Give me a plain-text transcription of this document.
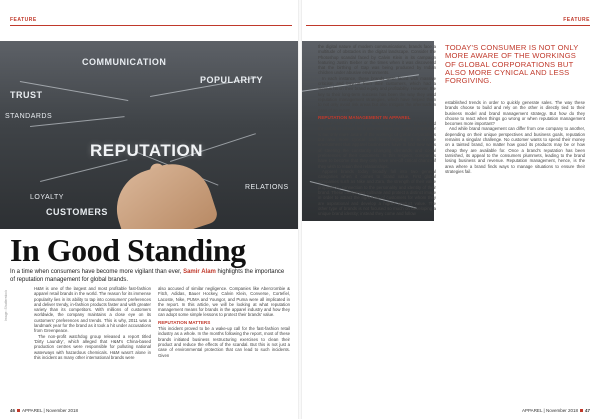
FEATURE
COMMUNICATION
POPULARITY
TRUST
STANDARDS
REPUTATION
RELATIONS
LOYALTY
CUSTOMERS
In Good Standing
In a time when consumers have become more vigilant than ever, Samir Alam highlights the importance of reputation management for global brands.
Image: Shutterstock

H&M is one of the largest and most profitable fast-fashion apparel retail brands in the world. The reason for its immense popularity lies in its ability to tap into consumers' preferences and deliver trendy, in-fashion products faster and with greater variety than its competitors. With millions of customers worldwide, the company maintains a close eye on its customers' preferences and trends. This is why, 2011 was a landmark year for the brand as it took a hit under accusations from Greenpeace.

The non-profit watchdog group released a report titled 'Dirty Laundry', which alleged that H&M's China-based production centres were responsible for polluting national waterways with hazardous chemicals. H&M wasn't alone in this incident as many other international brands were

also accused of similar negligence. Companies like Abercrombie & Fitch, Adidas, Bauer Hockey, Calvin Klein, Converse, Cortefiel, Lacoste, Nike, PUMA and Youngor, and Puma were all implicated in the report. In this article, we will be looking at what reputation management means for brands in the apparel industry and how they can adopt some simple lessons to protect their brands' value.

REPUTATION MATTERS

This incident proved to be a wake-up call for the fast-fashion retail industry as a whole. In the months following the report, most of these brands initiated business restructuring exercises to clean their product and reduce the effects of the scandal. But this is not just a case of environmental protection that can lead to such incidents. Given

46 APPAREL | November 2018
FEATURE

the digital nature of modern communications, brands face a multitude of obstacles in the digital landscape. Consider the Photoshop scandal faced by Calvin Klein in its campaign featuring Justin Bieber or the times when it was discovered that the birthing of Gap was being produced by Indian children under abusive environments.

In each instance, these brands were faced with massive criticism and boycott from their customers, which had a serious hit on their brand equity and profitability. However, the key to their long-term success has been the way they used reputation management strategies, which have helped them to not only avoid risk areas but also mitigate the aftermath in case of an event.

REPUTATION MANAGEMENT IN APPAREL

No one can deny that the relationship between brands and the public is critical for business. However, today's consumer is not only more aware of the workings of global corporations but also more cynical and less forgiving. It is in the environment that apparel businesses have to find new ways of steering the constantly changing demands and social preferences of their customers. In this respect, companies have to become that they only have one-off critical chance if they wish to retain their relationships.

Apparel brands today broadly fall into two general categories when it comes to brand value. First global companies such as Nike and Zara, the strength of their value proposition, connection to the personality and identity of their brand. These companies cultivate and protect a distinct image in order to attract the right kind of customers for whom they are aspirational and develop a higher product value. The other type of brands is not focused so much on developing a unique brand identity; instead they come and follow

TODAY'S CONSUMER IS NOT ONLY MORE AWARE OF THE WORKINGS OF GLOBAL CORPORATIONS BUT ALSO MORE CYNICAL AND LESS FORGIVING.

established trends in order to quickly generate sales. The way these brands choose to build and rely on the other is directly tied to their business model and brand management strategy. But how do they choose to react when things go wrong or when reputation management becomes more important?

And while brand management can differ from one company to another, depending on their unique perspectives and business goals, reputation remains a singular challenge. No customer wants to spend their money on a tainted brand, no matter how good its products may be or how cheap they are available for. Once a brand's reputation has been tarnished, its appeal to the consumers plummets, leading to the brand losing business and revenue. Reputation management, hence, is the area where a brand finds ways to manage situations to ensure their strategies fail.

APPAREL | November 2018 47
